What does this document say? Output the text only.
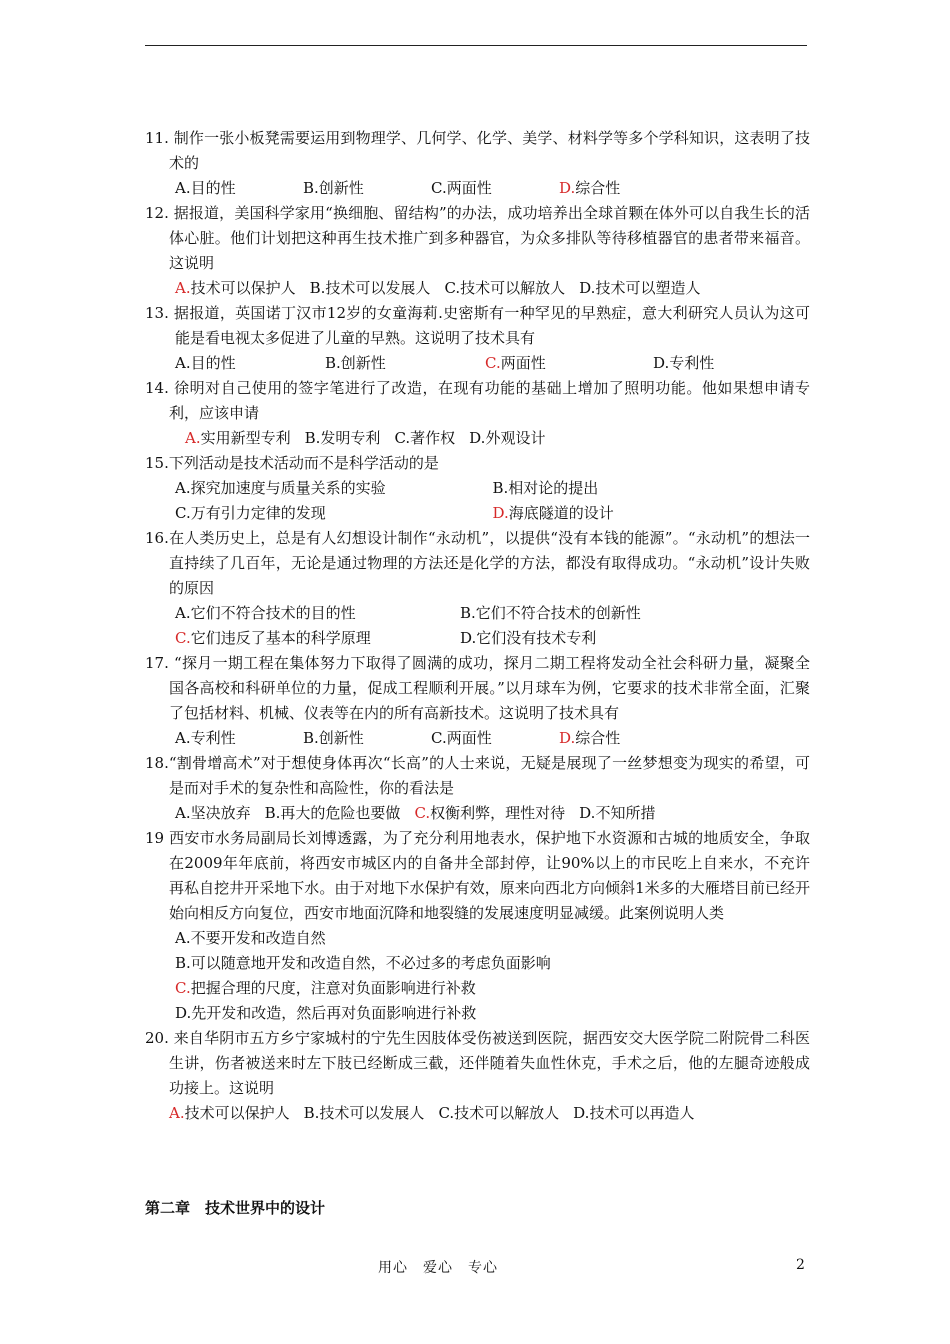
11. 制作一张小板凳需要运用到物理学、几何学、化学、美学、材料学等多个学科知识，这表明了技术的

A.目的性	B.创新性	C.两面性	D.综合性

12. 据报道，美国科学家用“换细胞、留结构”的办法，成功培养出全球首颗在体外可以自我生长的活体心脏。他们计划把这种再生技术推广到多种器官，为众多排队等待移植器官的患者带来福音。这说明

A.技术可以保护人 B.技术可以发展人 C.技术可以解放人 D.技术可以塑造人

13. 据报道，英国诺丁汉市12岁的女童海莉.史密斯有一种罕见的早熟症，意大利研究人员认为这可能是看电视太多促进了儿童的早熟。这说明了技术具有

A.目的性	B.创新性	C.两面性	D.专利性

14. 徐明对自己使用的签字笔进行了改造，在现有功能的基础上增加了照明功能。他如果想申请专利，应该申请

A.实用新型专利 B.发明专利 C.著作权 D.外观设计

15.下列活动是技术活动而不是科学活动的是

A.探究加速度与质量关系的实验	B.相对论的提出
C.万有引力定律的发现	D.海底隧道的设计

16.在人类历史上，总是有人幻想设计制作“永动机”，以提供“没有本钱的能源”。“永动机”的想法一直持续了几百年，无论是通过物理的方法还是化学的方法，都没有取得成功。“永动机”设计失败的原因

A.它们不符合技术的目的性	B.它们不符合技术的创新性
C.它们违反了基本的科学原理	D.它们没有技术专利

17. “探月一期工程在集体努力下取得了圆满的成功，探月二期工程将发动全社会科研力量，凝聚全国各高校和科研单位的力量，促成工程顺利开展。”以月球车为例，它要求的技术非常全面，汇聚了包括材料、机械、仪表等在内的所有高新技术。这说明了技术具有

A.专利性	B.创新性	C.两面性	D.综合性

18.“割骨增高术”对于想使身体再次“长高”的人士来说，无疑是展现了一丝梦想变为现实的希望，可是而对手术的复杂性和高险性，你的看法是

A.坚决放弃 B.再大的危险也要做 C.权衡利弊，理性对待 D.不知所措

19 西安市水务局副局长刘博透露，为了充分利用地表水，保护地下水资源和古城的地质安全，争取在2009年年底前，将西安市城区内的自备井全部封停，让90%以上的市民吃上自来水，不充许再私自挖井开采地下水。由于对地下水保护有效，原来向西北方向倾斜1米多的大雁塔目前已经开始向相反方向复位，西安市地面沉降和地裂缝的发展速度明显减缓。此案例说明人类

A.不要开发和改造自然
B.可以随意地开发和改造自然，不必过多的考虑负面影响
C.把握合理的尺度，注意对负面影响进行补救
D.先开发和改造，然后再对负面影响进行补救

20. 来自华阴市五方乡宁家城村的宁先生因肢体受伤被送到医院，据西安交大医学院二附院骨二科医生讲，伤者被送来时左下肢已经断成三截，还伴随着失血性休克，手术之后，他的左腿奇迹般成功接上。这说明

A.技术可以保护人 B.技术可以发展人 C.技术可以解放人 D.技术可以再造人
第二章　技术世界中的设计
用心　爱心　专心	2
